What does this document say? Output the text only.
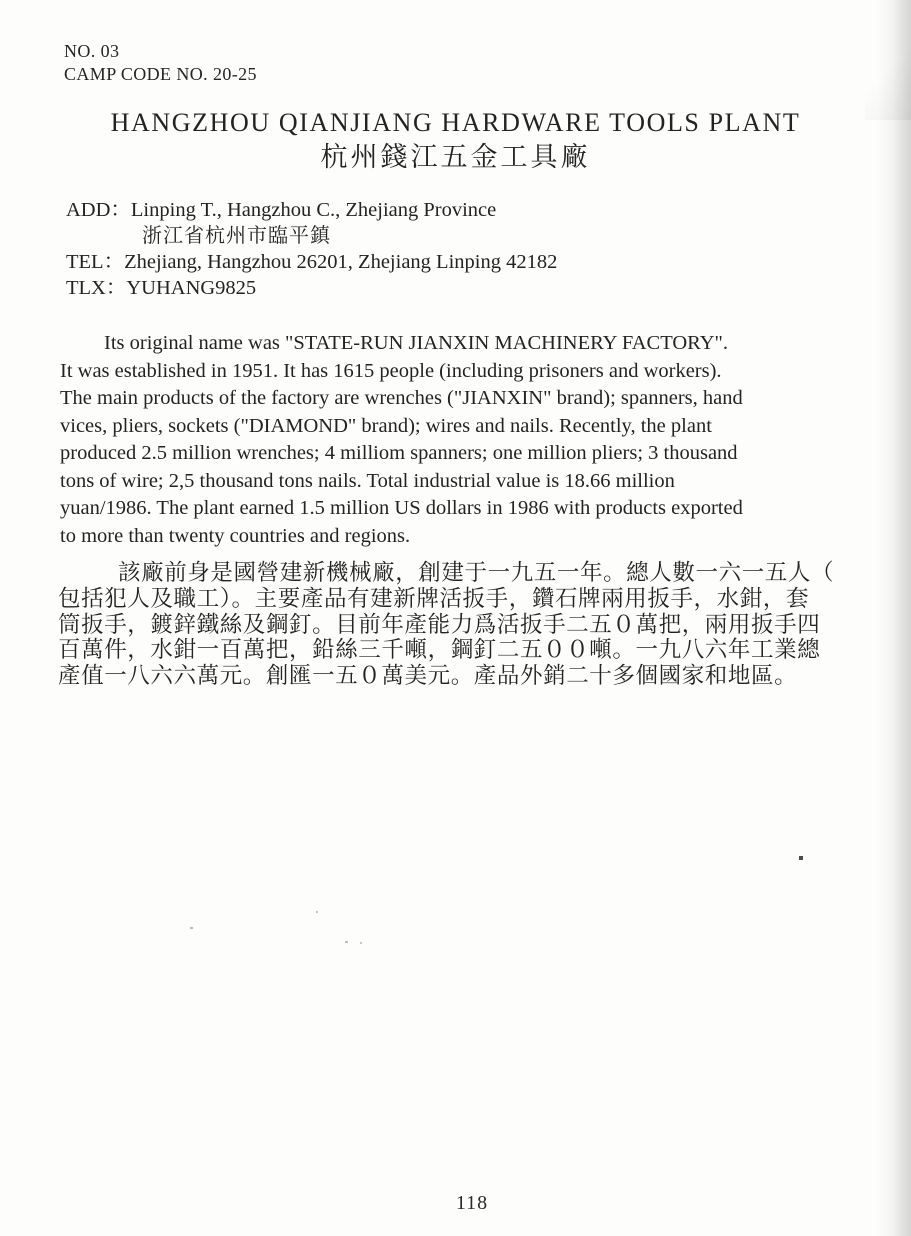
NO. 03
CAMP CODE NO. 20-25
HANGZHOU QIANJIANG HARDWARE TOOLS PLANT
杭州錢江五金工具廠
ADD：Linping T., Hangzhou C., Zhejiang Province
浙江省杭州市臨平鎮
TEL：Zhejiang, Hangzhou 26201, Zhejiang Linping 42182
TLX：YUHANG9825
Its original name was "STATE-RUN JIANXIN MACHINERY FACTORY".
It was established in 1951. It has 1615 people (including prisoners and workers).
The main products of the factory are wrenches ("JIANXIN" brand); spanners, hand
vices, pliers, sockets ("DIAMOND" brand); wires and nails. Recently, the plant
produced 2.5 million wrenches; 4 milliom spanners; one million pliers; 3 thousand
tons of wire; 2,5 thousand tons nails. Total industrial value is 18.66 million
yuan/1986. The plant earned 1.5 million US dollars in 1986 with products exported
to more than twenty countries and regions.
該廠前身是國營建新機械廠，創建于一九五一年。總人數一六一五人（
包括犯人及職工）。主要產品有建新牌活扳手，鑽石牌兩用扳手，水鉗，套
筒扳手，鍍鋅鐵絲及鋼釘。目前年產能力爲活扳手二五０萬把，兩用扳手四
百萬件，水鉗一百萬把，鉛絲三千噸，鋼釘二五００噸。一九八六年工業總
產值一八六六萬元。創匯一五０萬美元。產品外銷二十多個國家和地區。
118
